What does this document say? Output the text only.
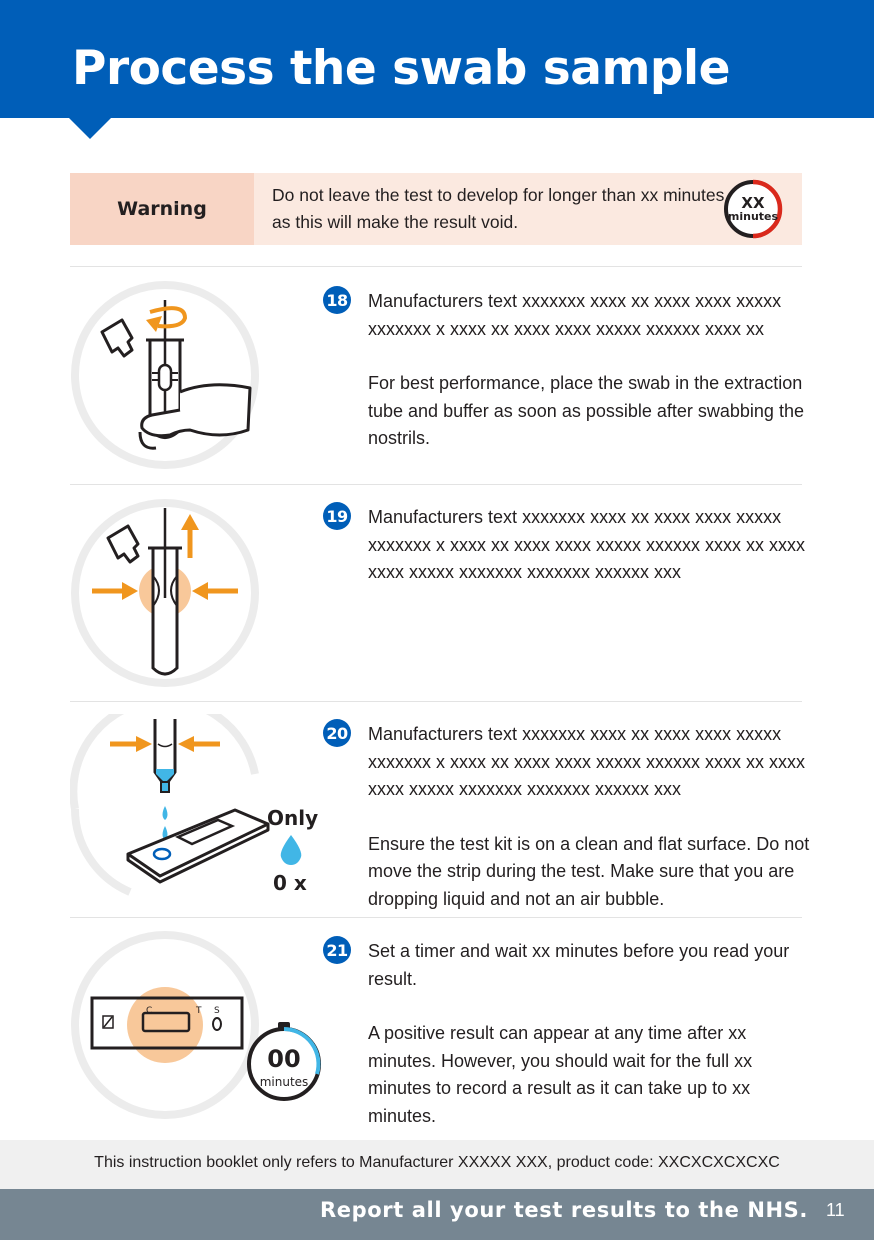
Process the swab sample
Warning
Do not leave the test to develop for longer than xx minutes as this will make the result void.
XX
minutes
18 Manufacturers text xxxxxxx xxxx xx xxxx xxxx xxxxx xxxxxxx x xxxx xx xxxx xxxx xxxxx xxxxxx xxxx xx

For best performance, place the swab in the extraction tube and buffer as soon as possible after swabbing the nostrils.

19 Manufacturers text xxxxxxx xxxx xx xxxx xxxx xxxxx xxxxxxx x xxxx xx xxxx xxxx xxxxx xxxxxx xxxx xx xxxx xxxx xxxxx xxxxxxx xxxxxxx xxxxxx xxx

Only
0 x
20 Manufacturers text xxxxxxx xxxx xx xxxx xxxx xxxxx xxxxxxx x xxxx xx xxxx xxxx xxxxx xxxxxx xxxx xx xxxx xxxx xxxxx xxxxxxx xxxxxxx xxxxxx xxx

Ensure the test kit is on a clean and flat surface. Do not move the strip during the test. Make sure that you are dropping liquid and not an air bubble.

C	T S
00
minutes
21 Set a timer and wait xx minutes before you read your result.

A positive result can appear at any time after xx minutes. However, you should wait for the full xx minutes to record a result as it can take up to xx minutes.

This instruction booklet only refers to Manufacturer XXXXX XXX, product code: XXCXCXCXCXC
Report all your test results to the NHS. 11
